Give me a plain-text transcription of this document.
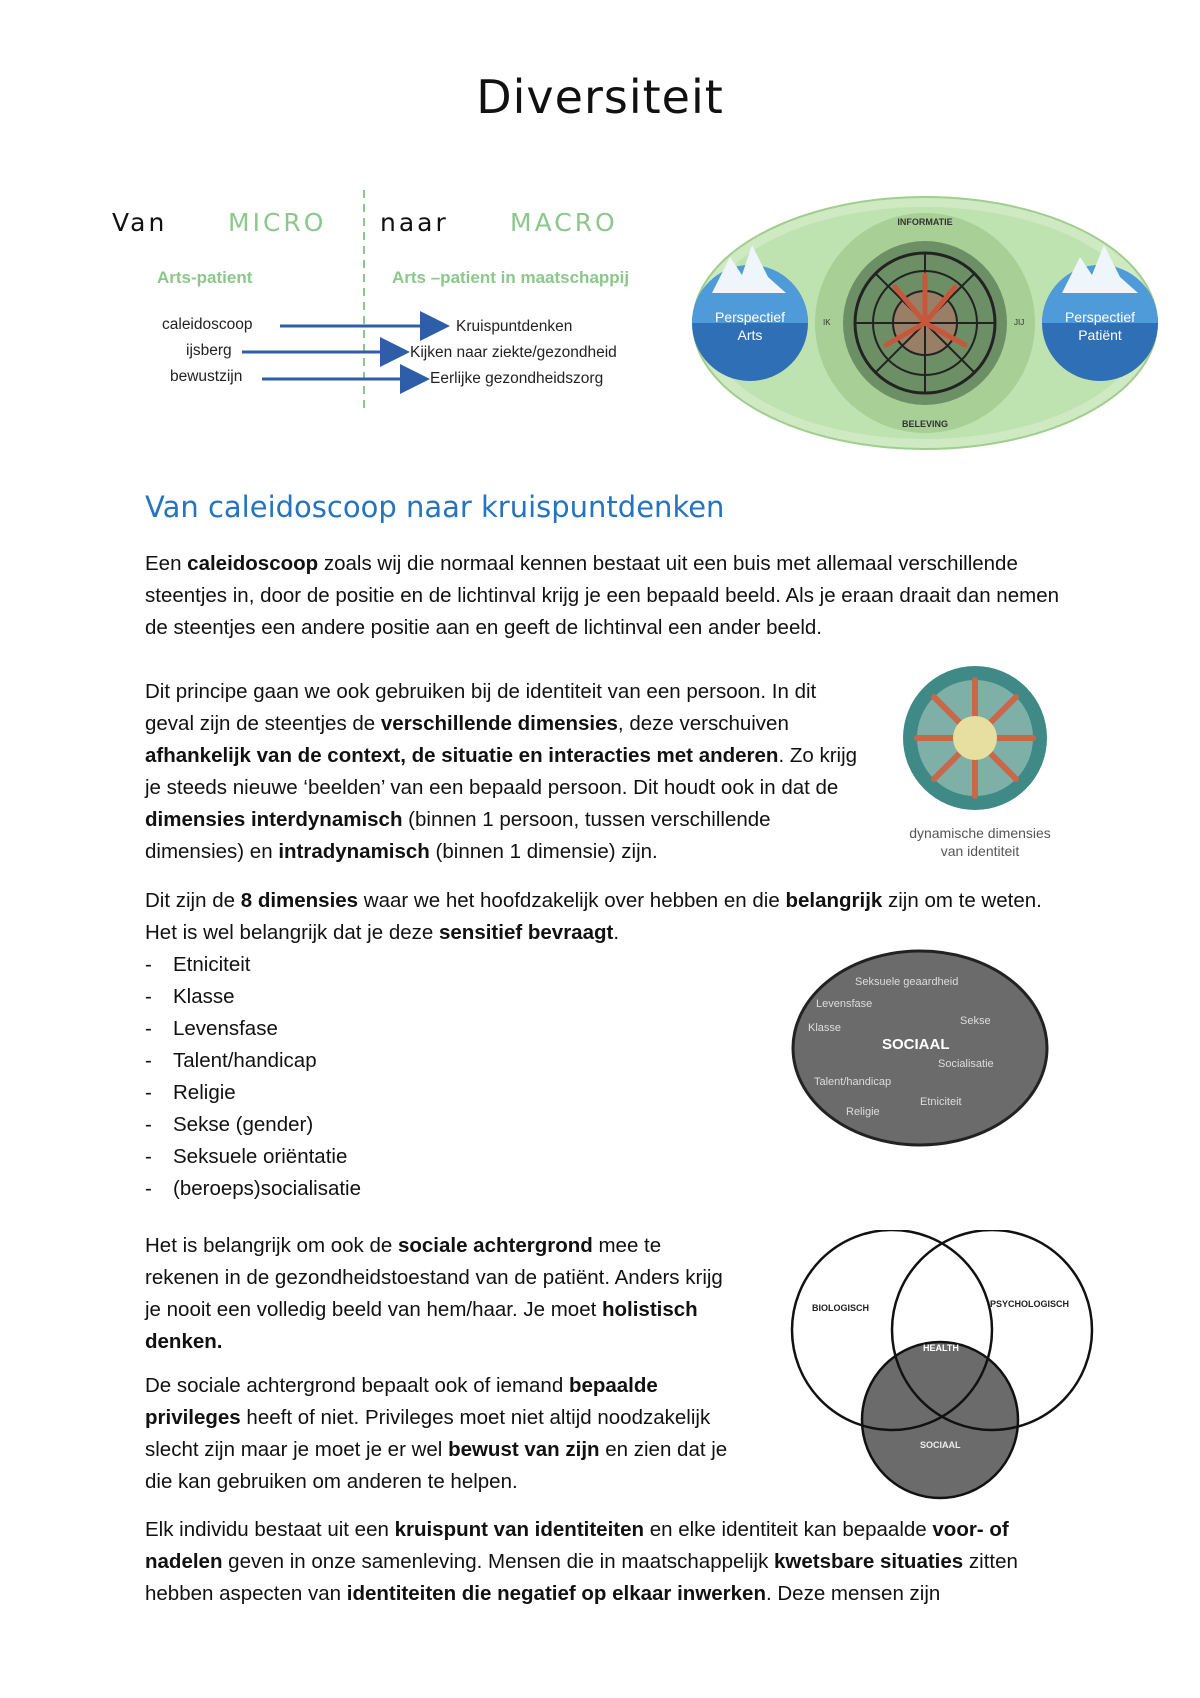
Diversiteit
Van MICRO naar MACRO
Arts-patient	Arts –patient in maatschappij
caleidoscoop	Kruispuntdenken
ijsberg	Kijken naar ziekte/gezondheid
bewustzijn	Eerlijke gezondheidszorg
Perspectief Arts
Perspectief Patiënt
INFORMATIE
BELEVING
IK	JIJ
Van caleidoscoop naar kruispuntdenken

Een caleidoscoop zoals wij die normaal kennen bestaat uit een buis met allemaal verschillende steentjes in, door de positie en de lichtinval krijg je een bepaald beeld. Als je eraan draait dan nemen de steentjes een andere positie aan en geeft de lichtinval een ander beeld.

Dit principe gaan we ook gebruiken bij de identiteit van een persoon. In dit geval zijn de steentjes de verschillende dimensies, deze verschuiven afhankelijk van de context, de situatie en interacties met anderen. Zo krijg je steeds nieuwe ‘beelden’ van een bepaald persoon. Dit houdt ook in dat de dimensies interdynamisch (binnen 1 persoon, tussen verschillende dimensies) en intradynamisch (binnen 1 dimensie) zijn.

dynamische dimensies
van identiteit

Dit zijn de 8 dimensies waar we het hoofdzakelijk over hebben en die belangrijk zijn om te weten. Het is wel belangrijk dat je deze sensitief bevraagt.

-	Etniciteit
-	Klasse
-	Levensfase
-	Talent/handicap
-	Religie
-	Sekse (gender)
-	Seksuele oriëntatie
-	(beroeps)socialisatie
SOCIAAL
Seksuele geaardheid
Levensfase
Sekse
Klasse
Socialisatie
Talent/handicap
Etniciteit
Religie

Het is belangrijk om ook de sociale achtergrond mee te rekenen in de gezondheidstoestand van de patiënt. Anders krijg je nooit een volledig beeld van hem/haar. Je moet holistisch denken.

De sociale achtergrond bepaalt ook of iemand bepaalde privileges heeft of niet. Privileges moet niet altijd noodzakelijk slecht zijn maar je moet je er wel bewust van zijn en zien dat je die kan gebruiken om anderen te helpen.

BIOLOGISCH	PSYCHOLOGISCH
HEALTH
SOCIAAL

Elk individu bestaat uit een kruispunt van identiteiten en elke identiteit kan bepaalde voor- of nadelen geven in onze samenleving. Mensen die in maatschappelijk kwetsbare situaties zitten hebben aspecten van identiteiten die negatief op elkaar inwerken. Deze mensen zijn
